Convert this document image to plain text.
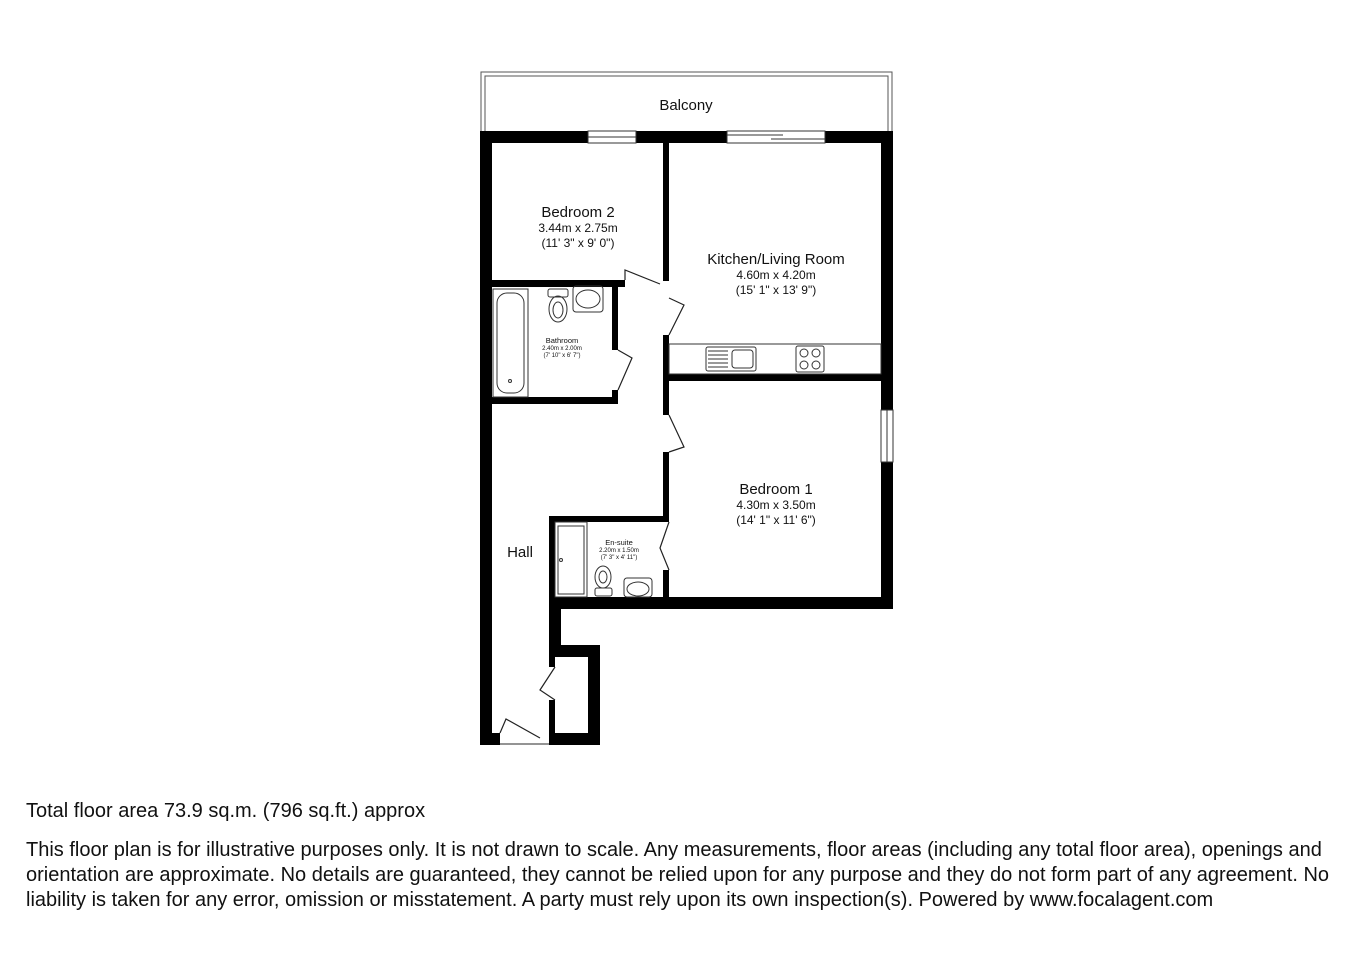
Balcony
Bedroom 2
3.44m x 2.75m
(11' 3" x 9' 0")
Kitchen/Living Room
4.60m x 4.20m
(15' 1" x 13' 9")
Bathroom
2.40m x 2.00m
(7' 10" x 6' 7")
Bedroom 1
4.30m x 3.50m
(14' 1" x 11' 6")
En-suite
2.20m x 1.50m
(7' 3" x 4' 11")
Hall

Total floor area 73.9 sq.m. (796 sq.ft.) approx

This floor plan is for illustrative purposes only. It is not drawn to scale. Any measurements, floor areas (including any total floor area), openings and orientation are approximate. No details are guaranteed, they cannot be relied upon for any purpose and they do not form part of any agreement. No liability is taken for any error, omission or misstatement. A party must rely upon its own inspection(s). Powered by www.focalagent.com
